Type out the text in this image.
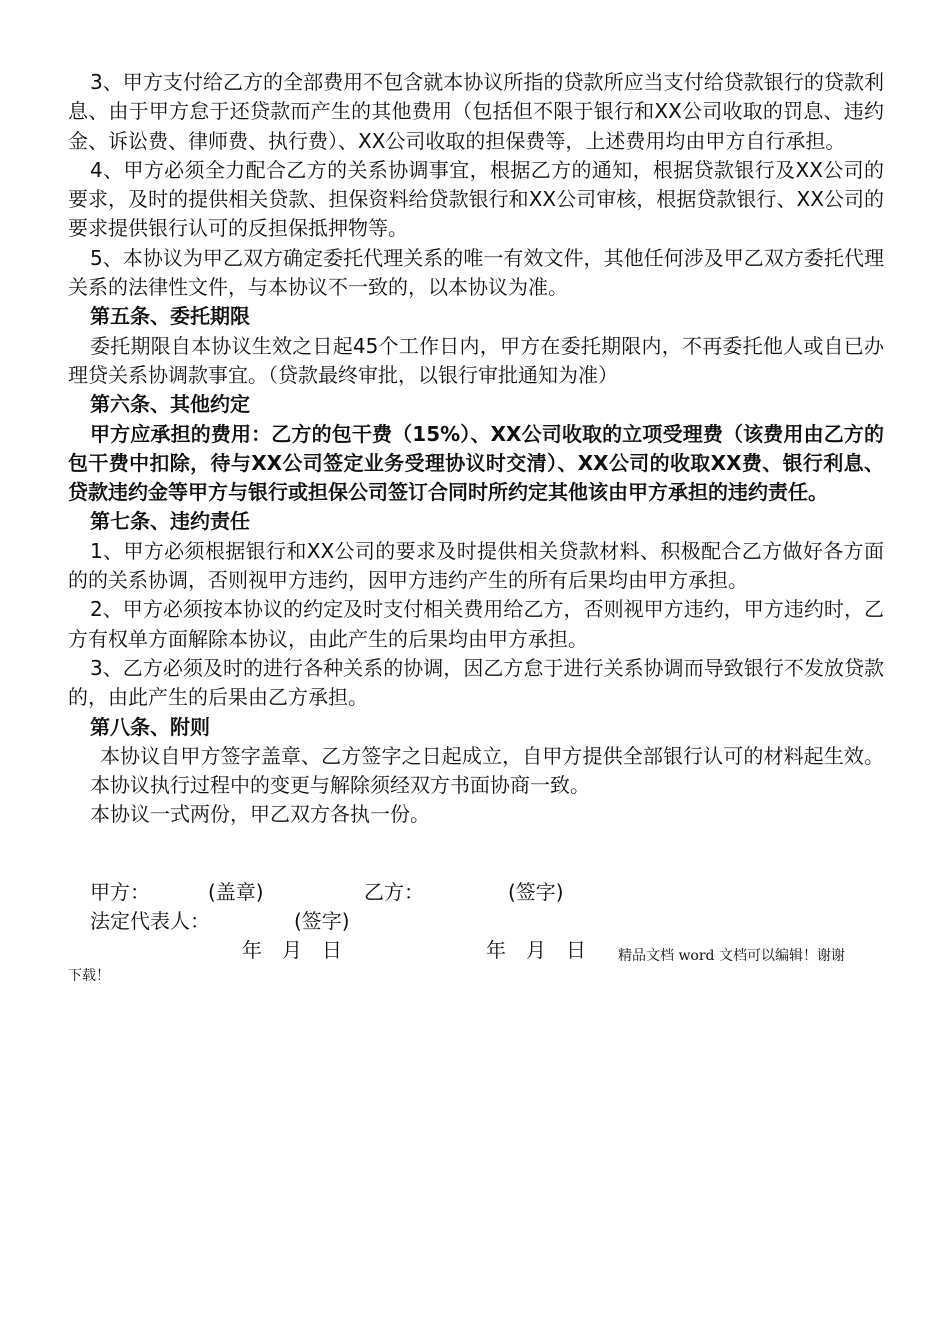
3、甲方支付给乙方的全部费用不包含就本协议所指的贷款所应当支付给贷款银行的贷款利息、由于甲方怠于还贷款而产生的其他费用（包括但不限于银行和XX公司收取的罚息、违约金、诉讼费、律师费、执行费）、XX公司收取的担保费等，上述费用均由甲方自行承担。

4、甲方必须全力配合乙方的关系协调事宜，根据乙方的通知，根据贷款银行及XX公司的要求，及时的提供相关贷款、担保资料给贷款银行和XX公司审核，根据贷款银行、XX公司的要求提供银行认可的反担保抵押物等。

5、本协议为甲乙双方确定委托代理关系的唯一有效文件，其他任何涉及甲乙双方委托代理关系的法律性文件，与本协议不一致的，以本协议为准。

第五条、委托期限

委托期限自本协议生效之日起45个工作日内，甲方在委托期限内，不再委托他人或自已办理贷关系协调款事宜。（贷款最终审批，以银行审批通知为准）

第六条、其他约定

甲方应承担的费用：乙方的包干费（15%）、XX公司收取的立项受理费（该费用由乙方的包干费中扣除，待与XX公司签定业务受理协议时交清）、XX公司的收取XX费、银行利息、贷款违约金等甲方与银行或担保公司签订合同时所约定其他该由甲方承担的违约责任。

第七条、违约责任

1、甲方必须根据银行和XX公司的要求及时提供相关贷款材料、积极配合乙方做好各方面的的关系协调，否则视甲方违约，因甲方违约产生的所有后果均由甲方承担。

2、甲方必须按本协议的约定及时支付相关费用给乙方，否则视甲方违约，甲方违约时，乙方有权单方面解除本协议，由此产生的后果均由甲方承担。

3、乙方必须及时的进行各种关系的协调，因乙方怠于进行关系协调而导致银行不发放贷款的，由此产生的后果由乙方承担。

第八条、附则

本协议自甲方签字盖章、乙方签字之日起成立，自甲方提供全部银行认可的材料起生效。本协议执行过程中的变更与解除须经双方书面协商一致。

本协议一式两份，甲乙双方各执一份。

甲方：	(盖章)	乙方：	(签字)
法定代表人：	(签字)
年　月　日	年　月　日 精品文档 word 文档可以编辑！谢谢

下载！
